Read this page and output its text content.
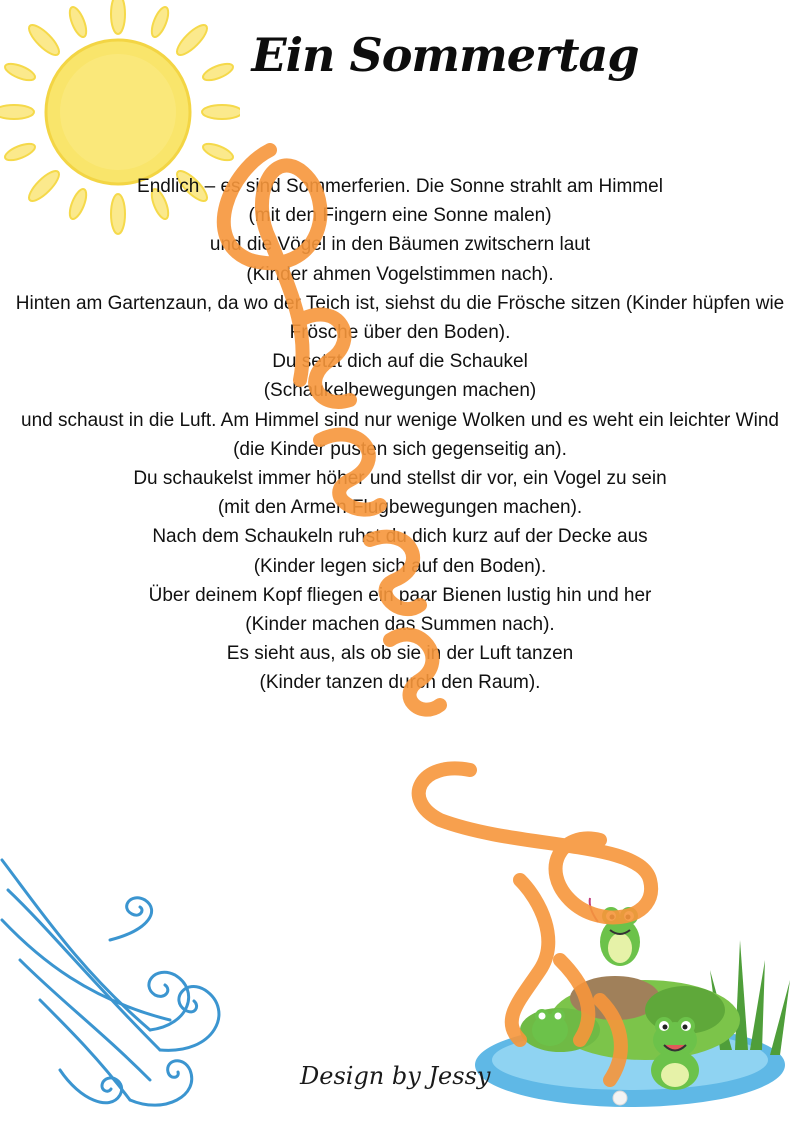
Ein Sommertag

Endlich – es sind Sommerferien. Die Sonne strahlt am Himmel

(mit den Fingern eine Sonne malen)

und die Vögel in den Bäumen zwitschern laut

(Kinder ahmen Vogelstimmen nach).

Hinten am Gartenzaun, da wo der Teich ist, siehst du die Frösche sitzen (Kinder hüpfen wie Frösche über den Boden).

Du setzt dich auf die Schaukel

(Schaukelbewegungen machen)

und schaust in die Luft. Am Himmel sind nur wenige Wolken und es weht ein leichter Wind

(die Kinder pusten sich gegenseitig an).

Du schaukelst immer höher und stellst dir vor, ein Vogel zu sein

(mit den Armen Flugbewegungen machen).

Nach dem Schaukeln ruhst du dich kurz auf der Decke aus

(Kinder legen sich auf den Boden).

Über deinem Kopf fliegen ein paar Bienen lustig hin und her

(Kinder machen das Summen nach).

Es sieht aus, als ob sie in der Luft tanzen

(Kinder tanzen durch den Raum).

Design by Jessy
